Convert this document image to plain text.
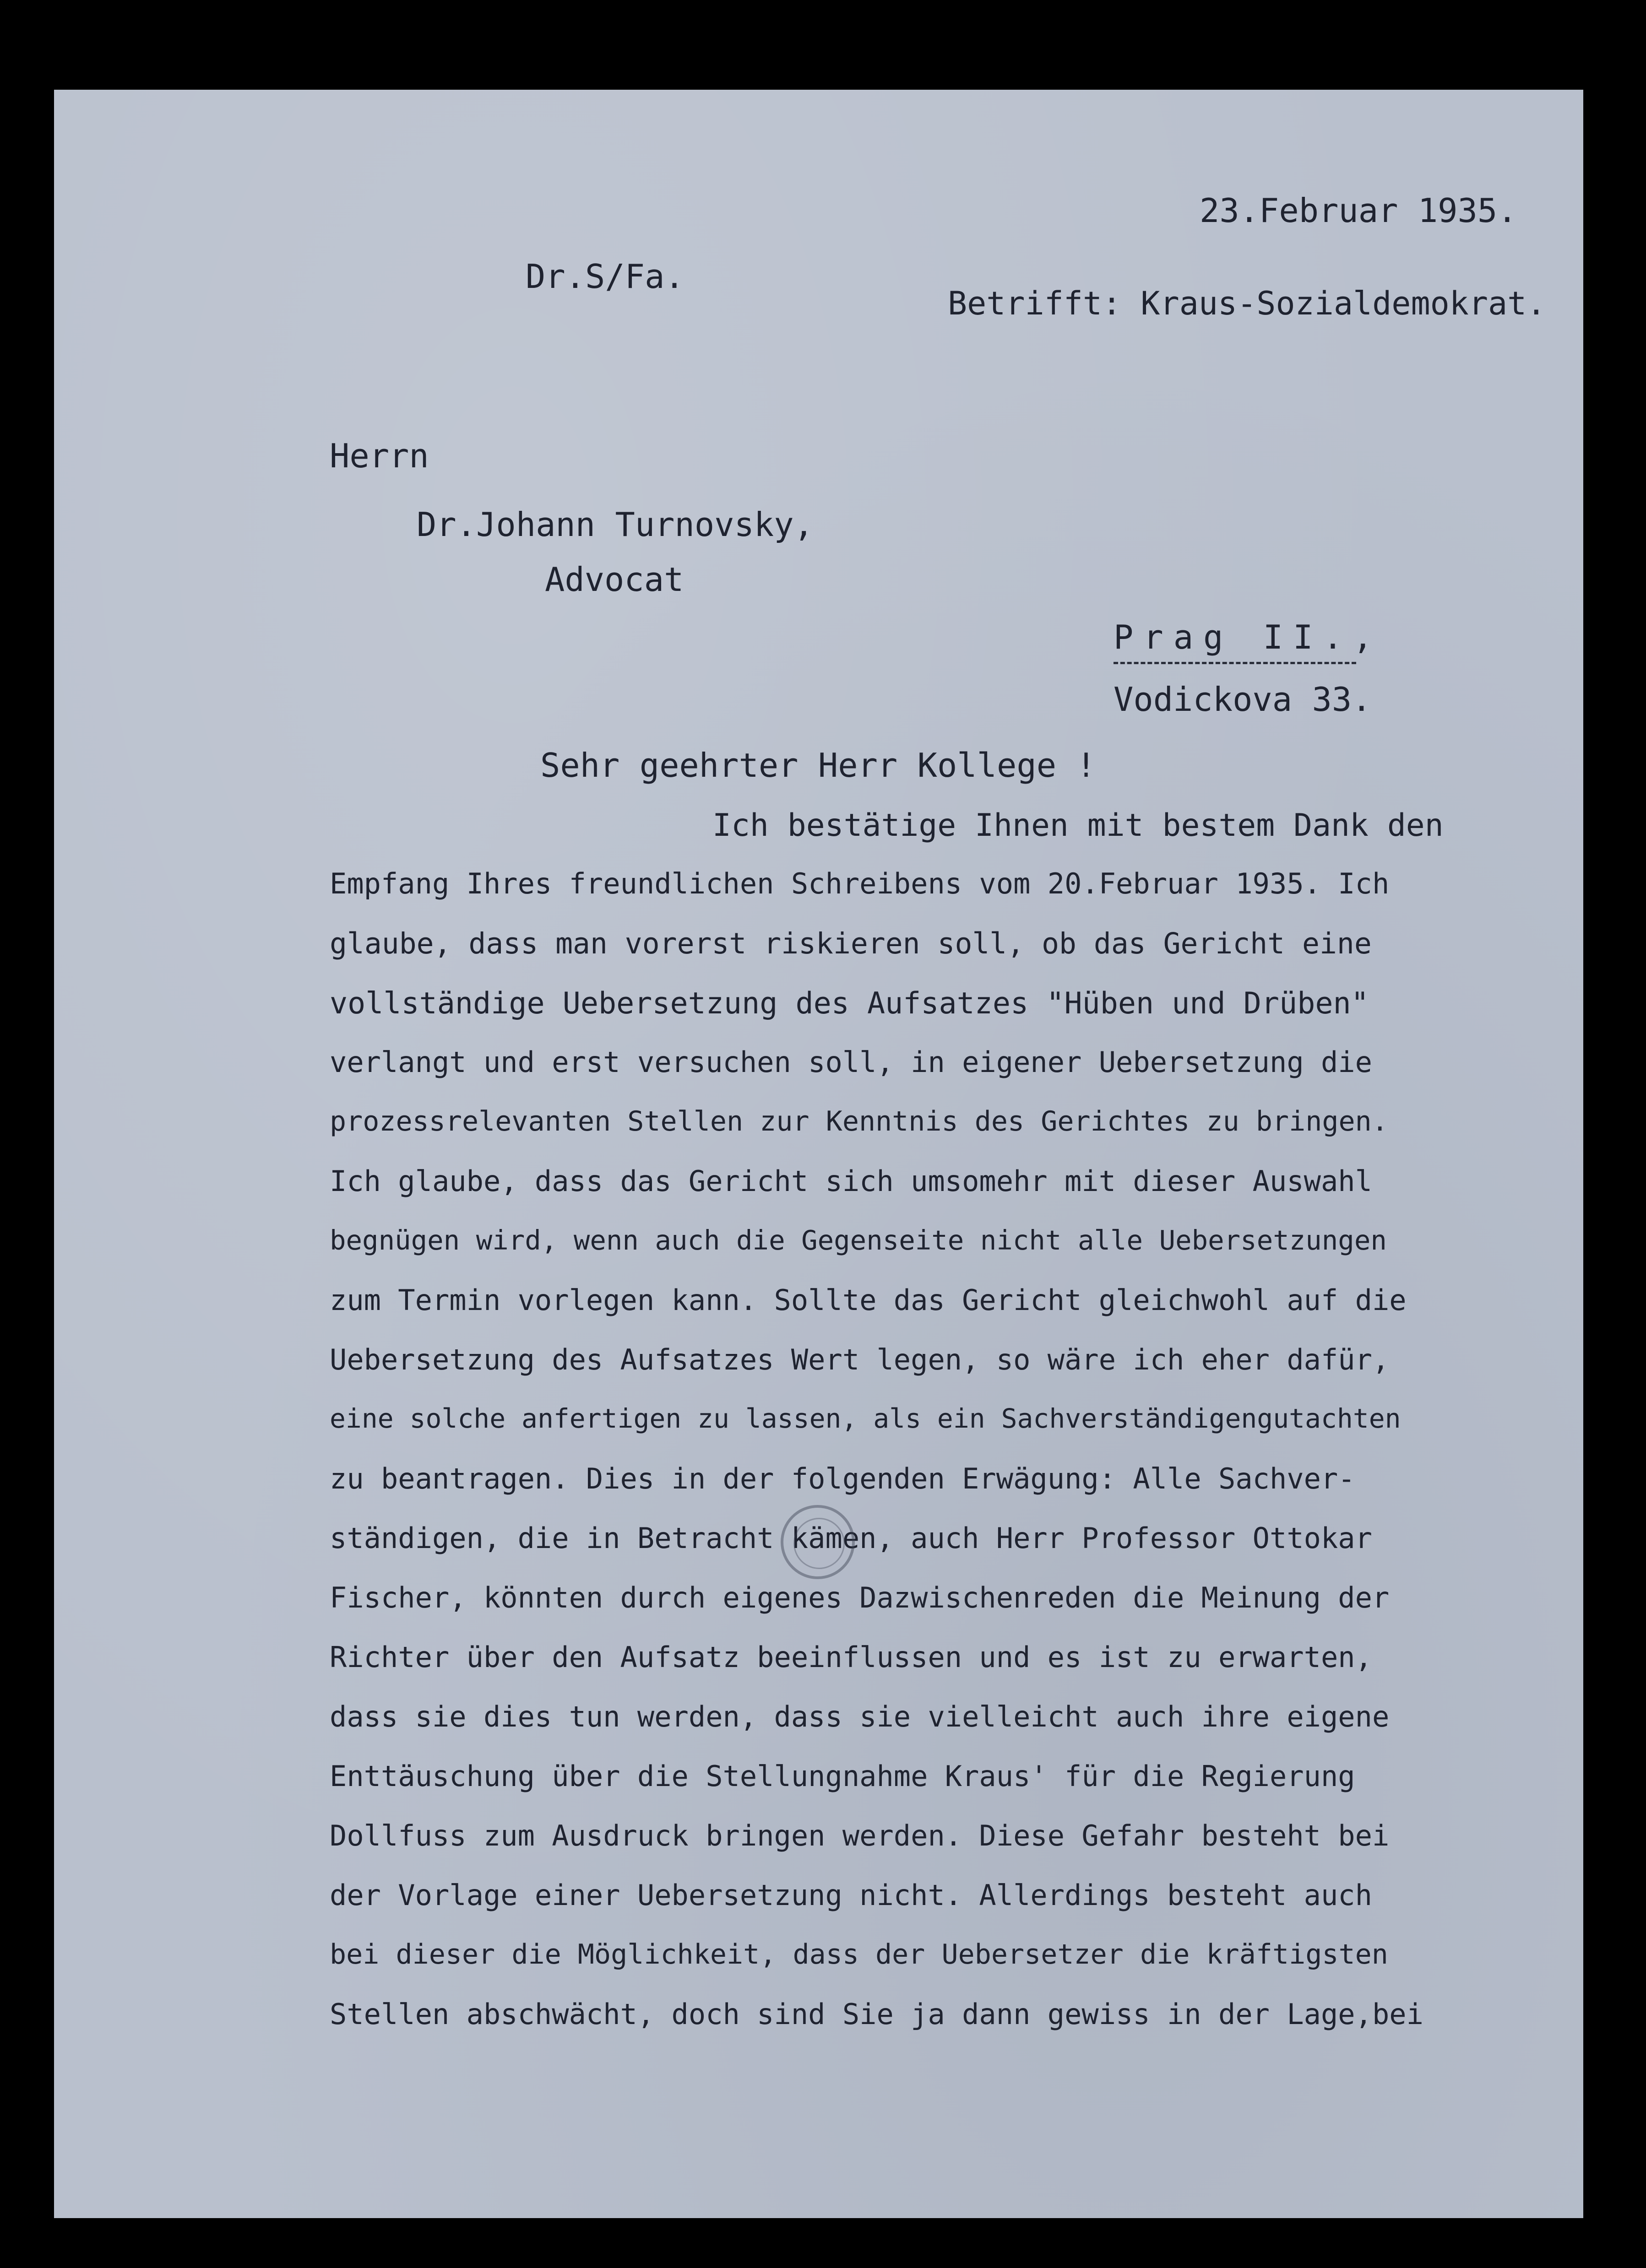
23.Februar 1935.

Dr.S/Fa.

Betrifft: Kraus-Sozialdemokrat.

Herrn

Dr.Johann Turnovsky,

Advocat

Prag II.,

Vodickova 33.

Sehr geehrter Herr Kollege !

Ich bestätige Ihnen mit bestem Dank den

Empfang Ihres freundlichen Schreibens vom 20.Februar 1935. Ich

glaube, dass man vorerst riskieren soll, ob das Gericht eine

vollständige Uebersetzung des Aufsatzes "Hüben und Drüben"

verlangt und erst versuchen soll, in eigener Uebersetzung die

prozessrelevanten Stellen zur Kenntnis des Gerichtes zu bringen.

Ich glaube, dass das Gericht sich umsomehr mit dieser Auswahl

begnügen wird, wenn auch die Gegenseite nicht alle Uebersetzungen

zum Termin vorlegen kann. Sollte das Gericht gleichwohl auf die

Uebersetzung des Aufsatzes Wert legen, so wäre ich eher dafür,

eine solche anfertigen zu lassen, als ein Sachverständigengutachten

zu beantragen. Dies in der folgenden Erwägung: Alle Sachver-

ständigen, die in Betracht kämen, auch Herr Professor Ottokar

Fischer, könnten durch eigenes Dazwischenreden die Meinung der

Richter über den Aufsatz beeinflussen und es ist zu erwarten,

dass sie dies tun werden, dass sie vielleicht auch ihre eigene

Enttäuschung über die Stellungnahme Kraus' für die Regierung

Dollfuss zum Ausdruck bringen werden. Diese Gefahr besteht bei

der Vorlage einer Uebersetzung nicht. Allerdings besteht auch

bei dieser die Möglichkeit, dass der Uebersetzer die kräftigsten

Stellen abschwächt, doch sind Sie ja dann gewiss in der Lage,bei
